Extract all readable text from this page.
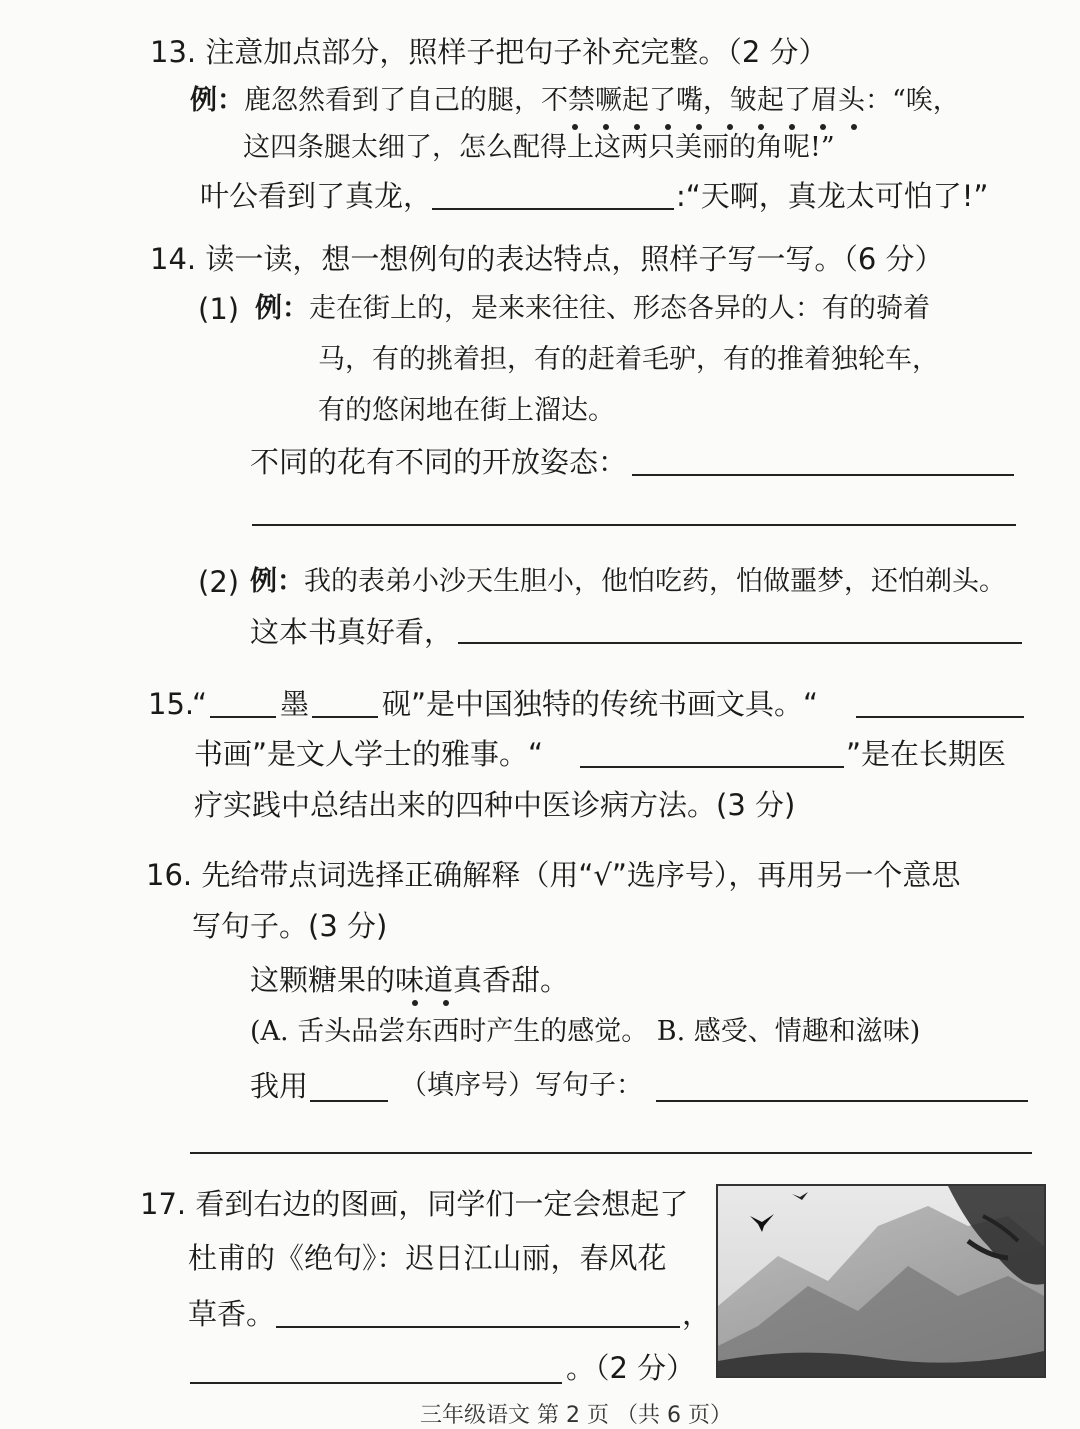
13. 注意加点部分，照样子把句子补充完整。（2 分）
例：鹿忽然看到了自己的腿，不禁噘起了嘴，皱起了眉头：“唉，
这四条腿太细了，怎么配得上这两只美丽的角呢!”
叶公看到了真龙，	:“天啊，真龙太可怕了!”
14. 读一读，想一想例句的表达特点，照样子写一写。（6 分）
(1) 例：走在街上的，是来来往往、形态各异的人：有的骑着
马，有的挑着担，有的赶着毛驴，有的推着独轮车，
有的悠闲地在街上溜达。
不同的花有不同的开放姿态：
(2) 例：我的表弟小沙天生胆小，他怕吃药，怕做噩梦，还怕剃头。
这本书真好看，
15.
“	墨	砚”是中国独特的传统书画文具。“
书画”是文人学士的雅事。“	”是在长期医
疗实践中总结出来的四种中医诊病方法。(3 分)
16. 先给带点词选择正确解释（用“√”选序号），再用另一个意思
写句子。(3 分)
这颗糖果的味道真香甜。
(A. 舌头品尝东西时产生的感觉。 B. 感受、情趣和滋味)
我用	（填序号）写句子：
17. 看到右边的图画，同学们一定会想起了
杜甫的《绝句》：迟日江山丽，春风花
草香。	，
。（2 分）
三年级语文 第 2 页 （共 6 页）
